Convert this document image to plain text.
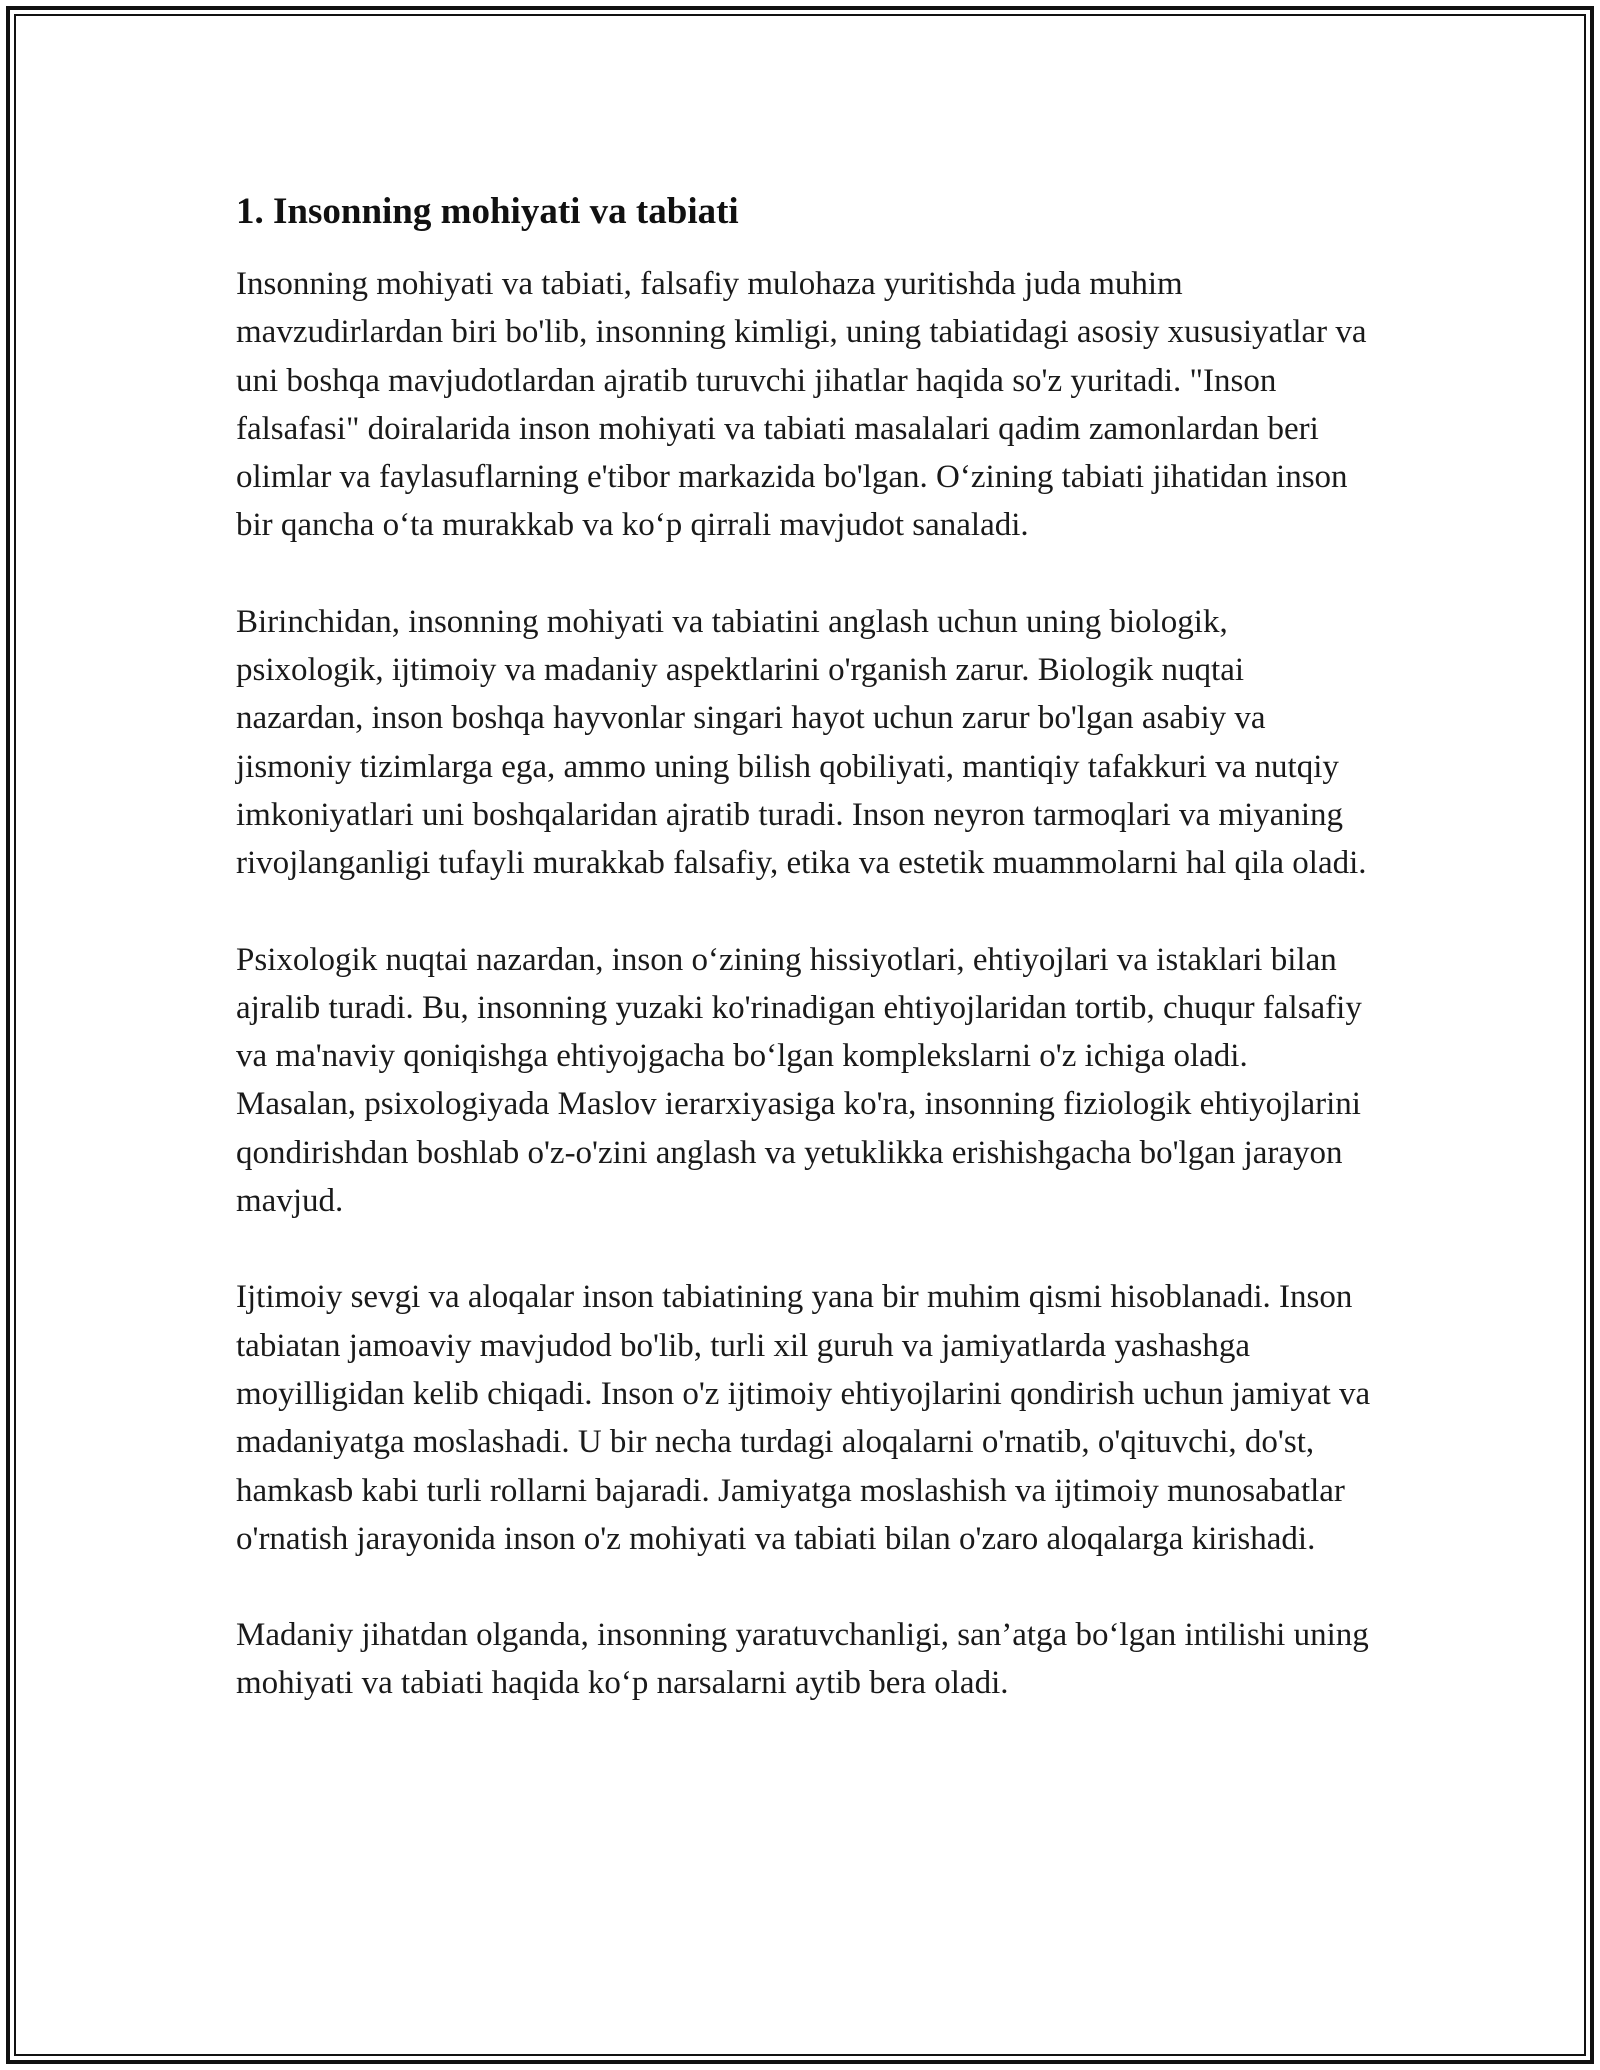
1. Insonning mohiyati va tabiati

Insonning mohiyati va tabiati, falsafiy mulohaza yuritishda juda muhim mavzudirlardan biri bo'lib, insonning kimligi, uning tabiatidagi asosiy xususiyatlar va uni boshqa mavjudotlardan ajratib turuvchi jihatlar haqida so'z yuritadi. "Inson falsafasi" doiralarida inson mohiyati va tabiati masalalari qadim zamonlardan beri olimlar va faylasuflarning e'tibor markazida bo'lgan. O‘zining tabiati jihatidan inson bir qancha o‘ta murakkab va ko‘p qirrali mavjudot sanaladi.

Birinchidan, insonning mohiyati va tabiatini anglash uchun uning biologik, psixologik, ijtimoiy va madaniy aspektlarini o'rganish zarur. Biologik nuqtai nazardan, inson boshqa hayvonlar singari hayot uchun zarur bo'lgan asabiy va jismoniy tizimlarga ega, ammo uning bilish qobiliyati, mantiqiy tafakkuri va nutqiy imkoniyatlari uni boshqalaridan ajratib turadi. Inson neyron tarmoqlari va miyaning rivojlanganligi tufayli murakkab falsafiy, etika va estetik muammolarni hal qila oladi.

Psixologik nuqtai nazardan, inson o‘zining hissiyotlari, ehtiyojlari va istaklari bilan ajralib turadi. Bu, insonning yuzaki ko'rinadigan ehtiyojlaridan tortib, chuqur falsafiy va ma'naviy qoniqishga ehtiyojgacha bo‘lgan komplekslarni o'z ichiga oladi. Masalan, psixologiyada Maslov ierarxiyasiga ko'ra, insonning fiziologik ehtiyojlarini qondirishdan boshlab o'z-o'zini anglash va yetuklikka erishishgacha bo'lgan jarayon mavjud.

Ijtimoiy sevgi va aloqalar inson tabiatining yana bir muhim qismi hisoblanadi. Inson tabiatan jamoaviy mavjudod bo'lib, turli xil guruh va jamiyatlarda yashashga moyilligidan kelib chiqadi. Inson o'z ijtimoiy ehtiyojlarini qondirish uchun jamiyat va madaniyatga moslashadi. U bir necha turdagi aloqalarni o'rnatib, o'qituvchi, do'st, hamkasb kabi turli rollarni bajaradi. Jamiyatga moslashish va ijtimoiy munosabatlar o'rnatish jarayonida inson o'z mohiyati va tabiati bilan o'zaro aloqalarga kirishadi.

Madaniy jihatdan olganda, insonning yaratuvchanligi, san’atga bo‘lgan intilishi uning mohiyati va tabiati haqida ko‘p narsalarni aytib bera oladi.
